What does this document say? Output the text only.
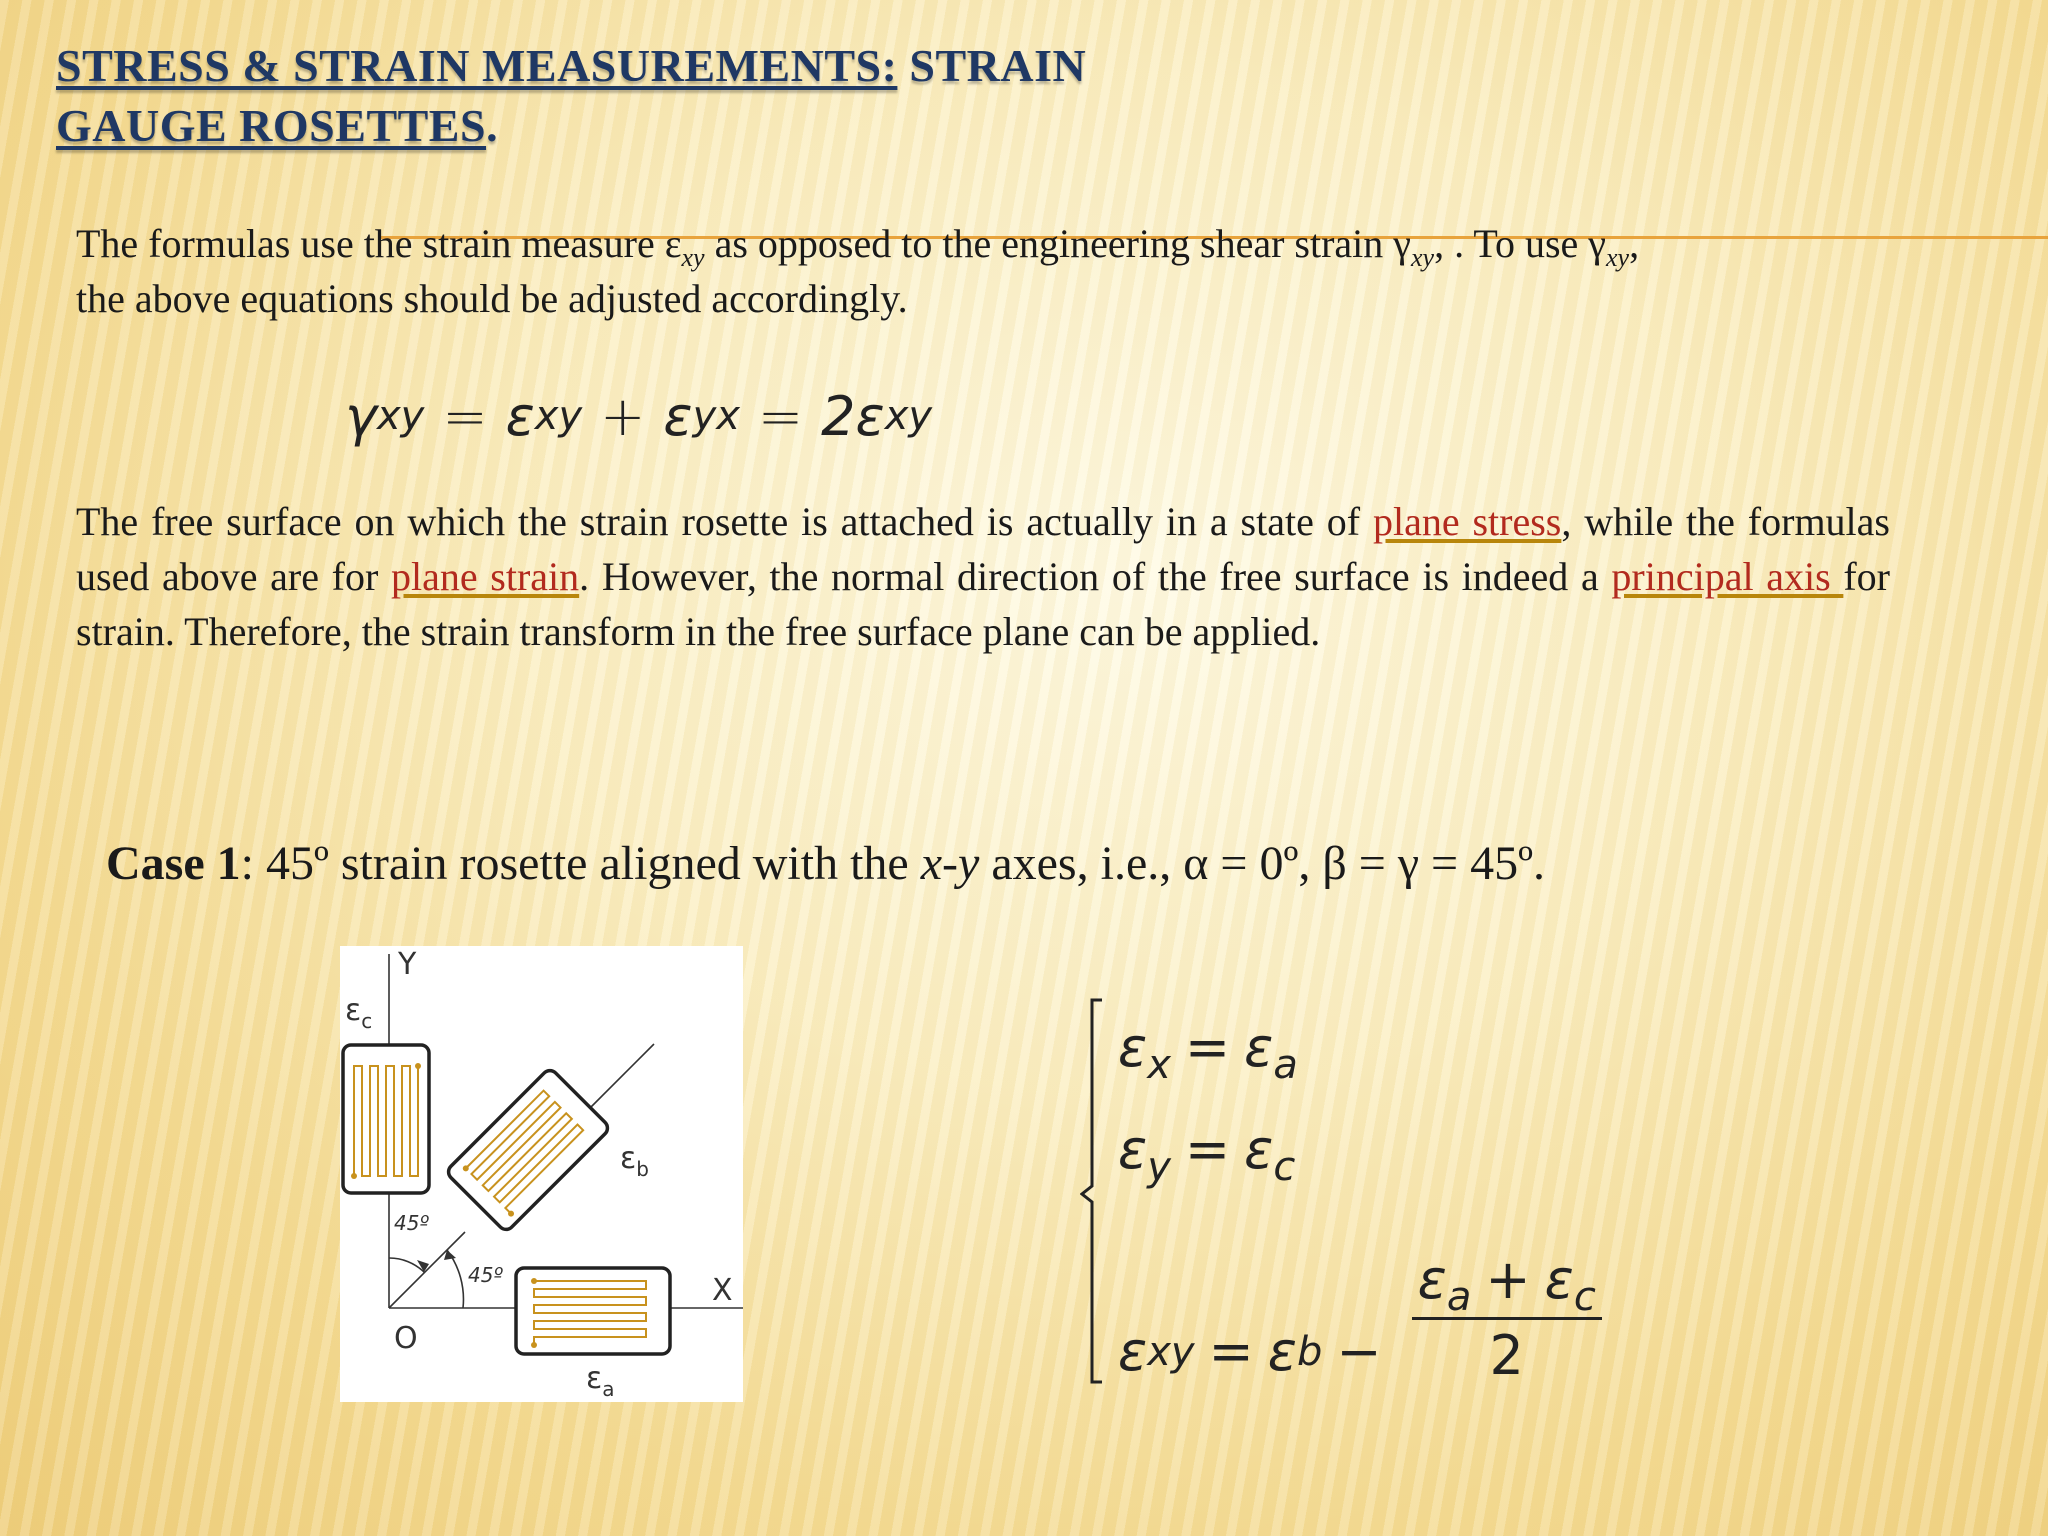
STRESS & STRAIN MEASUREMENTS: STRAIN
GAUGE ROSETTES.
The formulas use the strain measure $\varepsilon_{xy}$ as opposed to the engineering shear strain $\gamma_{xy}$, . To use $\gamma_{xy}$,
the above equations should be adjusted accordingly.
γ xy = ε xy + ε yx = 2ε xy
The free surface on which the strain rosette is attached is actually in a state of plane stress, while the formulas used above are for plane strain. However, the normal direction of the free surface is indeed a principal axis for strain. Therefore, the strain transform in the free surface plane can be applied.
Case 1: 45º strain rosette aligned with the x-y axes, i.e., α = 0º, β = γ = 45º.
Y
X
O
45º
45º
$\varepsilon_c$
$\varepsilon_b$
$\varepsilon_a$
$\varepsilon_x = \varepsilon_a$
$\varepsilon_y = \varepsilon_c$
ε xy = ε $b - \frac{\varepsilon_a + \varepsilon_c}{2}$
